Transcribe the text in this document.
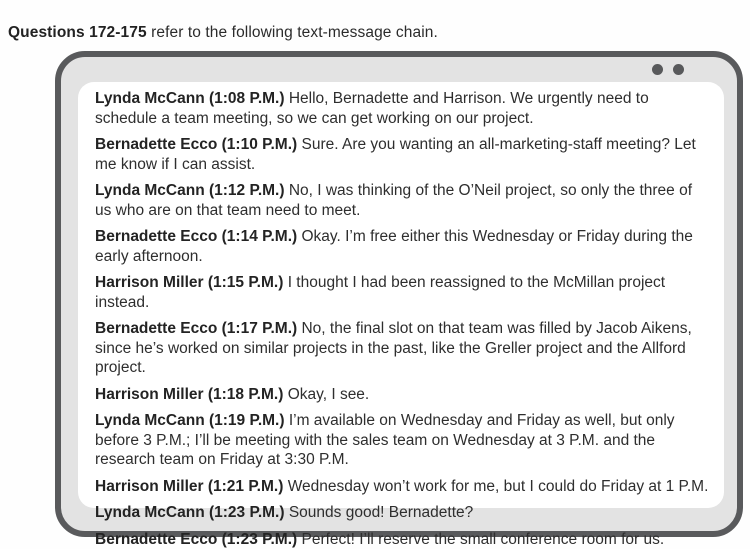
Questions 172-175 refer to the following text-message chain.

Lynda McCann (1:08 P.M.) Hello, Bernadette and Harrison. We urgently need to schedule a team meeting, so we can get working on our project.

Bernadette Ecco (1:10 P.M.) Sure. Are you wanting an all-marketing-staff meeting? Let me know if I can assist.

Lynda McCann (1:12 P.M.) No, I was thinking of the O’Neil project, so only the three of us who are on that team need to meet.

Bernadette Ecco (1:14 P.M.) Okay. I’m free either this Wednesday or Friday during the early afternoon.

Harrison Miller (1:15 P.M.) I thought I had been reassigned to the McMillan project instead.

Bernadette Ecco (1:17 P.M.) No, the final slot on that team was filled by Jacob Aikens, since he’s worked on similar projects in the past, like the Greller project and the Allford project.

Harrison Miller (1:18 P.M.) Okay, I see.

Lynda McCann (1:19 P.M.) I’m available on Wednesday and Friday as well, but only before 3 P.M.; I’ll be meeting with the sales team on Wednesday at 3 P.M. and the research team on Friday at 3:30 P.M.

Harrison Miller (1:21 P.M.) Wednesday won’t work for me, but I could do Friday at 1 P.M.

Lynda McCann (1:23 P.M.) Sounds good! Bernadette?

Bernadette Ecco (1:23 P.M.) Perfect! I’ll reserve the small conference room for us.
